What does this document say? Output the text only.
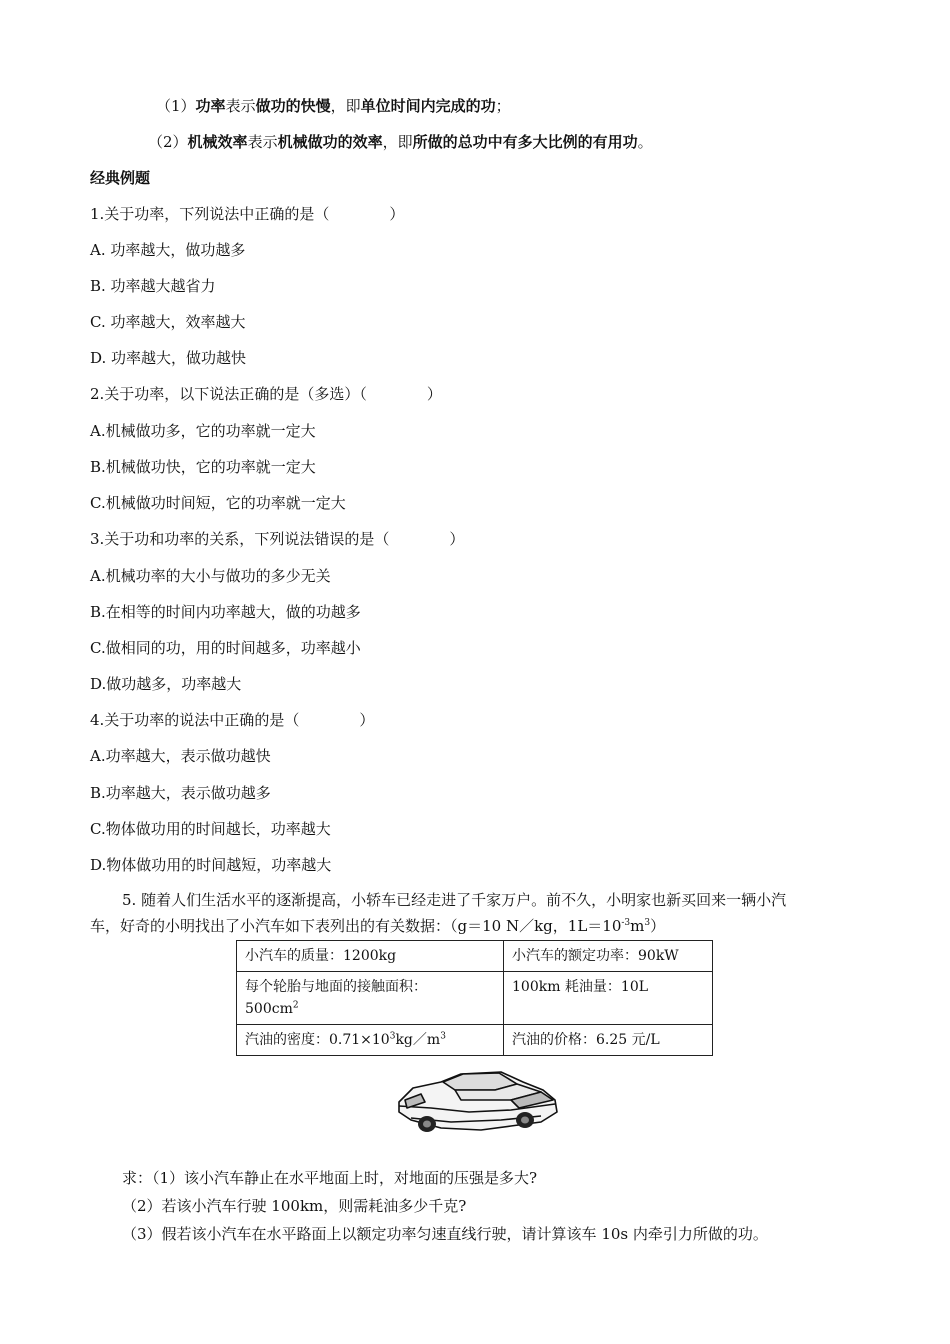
（1）功率表示做功的快慢，即单位时间内完成的功；
（2）机械效率表示机械做功的效率，即所做的总功中有多大比例的有用功。
经典例题
1.关于功率，下列说法中正确的是（　　　　）
A. 功率越大，做功越多
B. 功率越大越省力
C. 功率越大，效率越大
D. 功率越大，做功越快
2.关于功率，以下说法正确的是（多选）（　　　　）
A.机械做功多，它的功率就一定大
B.机械做功快，它的功率就一定大
C.机械做功时间短，它的功率就一定大
3.关于功和功率的关系，下列说法错误的是（　　　　）
A.机械功率的大小与做功的多少无关
B.在相等的时间内功率越大，做的功越多
C.做相同的功，用的时间越多，功率越小
D.做功越多，功率越大
4.关于功率的说法中正确的是（　　　　）
A.功率越大，表示做功越快
B.功率越大，表示做功越多
C.物体做功用的时间越长，功率越大
D.物体做功用的时间越短，功率越大
5. 随着人们生活水平的逐渐提高，小轿车已经走进了千家万户。前不久，小明家也新买回来一辆小汽
车，好奇的小明找出了小汽车如下表列出的有关数据：（g＝10 N／kg，$1L=10^{-3}m^3$）
小汽车的质量：1200kg	小汽车的额定功率：90kW

每个轮胎与地面的接触面积：
$500cm^2$	100km 耗油量：10L
汽油的密度：$0.71\times 10^3kg/m^3$	汽油的价格：6.25 元/L
求：（1）该小汽车静止在水平地面上时，对地面的压强是多大?
（2）若该小汽车行驶 100km，则需耗油多少千克?
（3）假若该小汽车在水平路面上以额定功率匀速直线行驶，请计算该车 10s 内牵引力所做的功。
